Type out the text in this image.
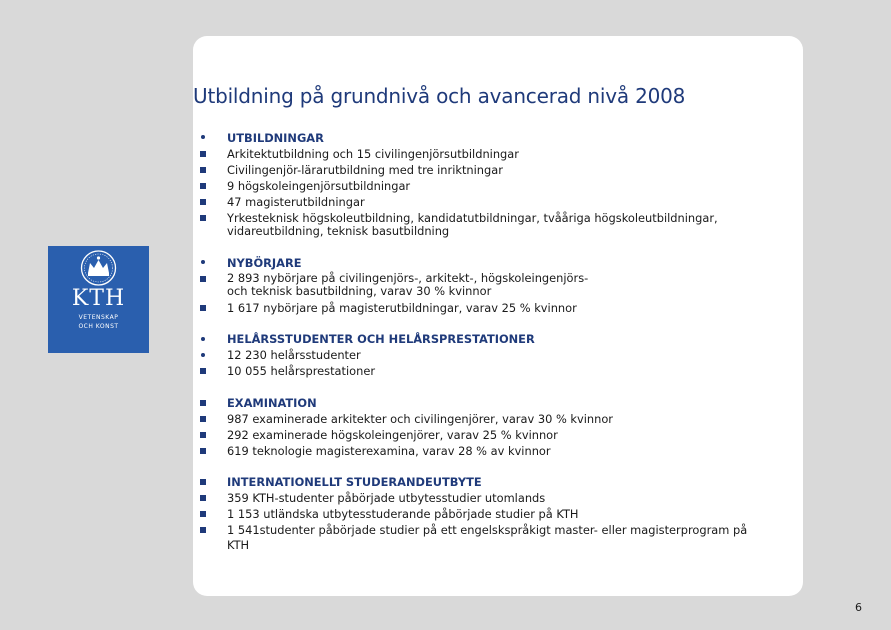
Utbildning på grundnivå och avancerad nivå 2008
KTH
VETENSKAP
OCH KONST
UTBILDNINGAR
Arkitektutbildning och 15 civilingenjörsutbildningar
Civilingenjör-lärarutbildning med tre inriktningar
9 högskoleingenjörsutbildningar
47 magisterutbildningar
Yrkesteknisk högskoleutbildning, kandidatutbildningar, tvååriga högskoleutbildningar,
vidareutbildning, teknisk basutbildning
NYBÖRJARE
2 893 nybörjare på civilingenjörs-, arkitekt-, högskoleingenjörs-
och teknisk basutbildning, varav 30 % kvinnor
1 617 nybörjare på magisterutbildningar, varav 25 % kvinnor
HELÅRSSTUDENTER OCH HELÅRSPRESTATIONER
12 230 helårsstudenter
10 055 helårsprestationer
EXAMINATION
987 examinerade arkitekter och civilingenjörer, varav 30 % kvinnor
292 examinerade högskoleingenjörer, varav 25 % kvinnor
619 teknologie magisterexamina, varav 28 % av kvinnor
INTERNATIONELLT STUDERANDEUTBYTE
359 KTH-studenter påbörjade utbytesstudier utomlands
1 153 utländska utbytesstuderande påbörjade studier på KTH
1 541studenter påbörjade studier på ett engelskspråkigt master- eller magisterprogram på
KTH
6
